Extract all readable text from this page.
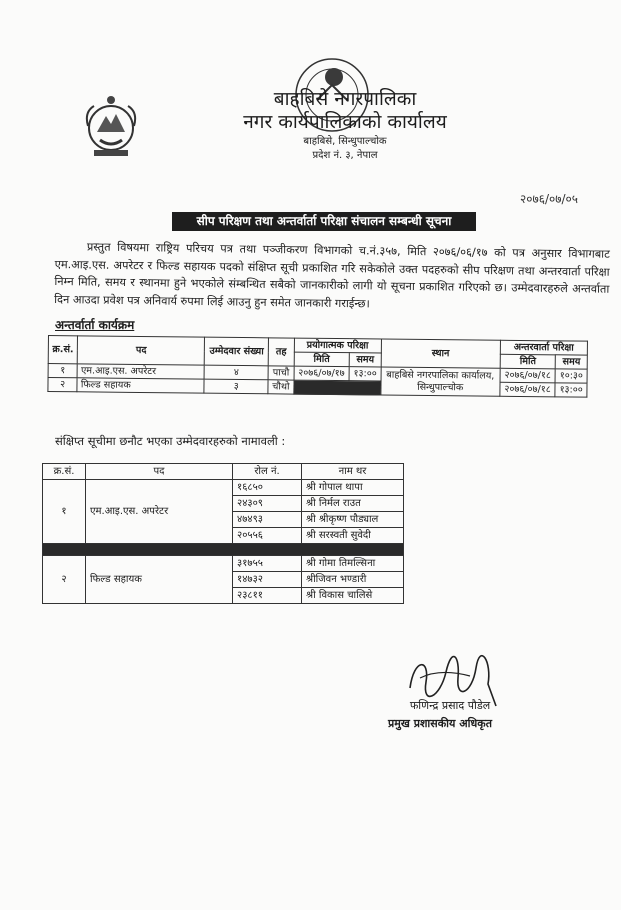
बाहबिसे नगरपालिका
नगर कार्यपालिकाको कार्यालय
बाहबिसे, सिन्धुपाल्चोक
प्रदेश नं. ३, नेपाल
२०७६/०७/०५
सीप परिक्षण तथा अन्तर्वार्ता परिक्षा संचालन सम्बन्धी सूचना
प्रस्तुत विषयमा राष्ट्रिय परिचय पत्र तथा पञ्जीकरण विभागको च.नं.३५७, मिति २०७६/०६/१७ को पत्र अनुसार विभागबाट एम.आइ.एस. अपरेटर र फिल्ड सहायक पदको संक्षिप्त सूची प्रकाशित गरि सकेकोले उक्त पदहरुको सीप परिक्षण तथा अन्तरवार्ता परिक्षा निम्न मिति, समय र स्थानमा हुने भएकोले संम्बन्धित सबैको जानकारीको लागी यो सूचना प्रकाशित गरिएको छ। उम्मेदवारहरुले अन्तर्वाता दिन आउदा प्रवेश पत्र अनिवार्य रुपमा लिई आउनु हुन समेत जानकारी गराईन्छ।
अन्तर्वार्ता कार्यक्रम
क्र.सं.	पद	उम्मेदवार संख्या	तह	प्रयोगात्मक परिक्षा		स्थान	अन्तरवार्ता परिक्षा	
				मिति	समय		मिति	समय
१	एम.आइ.एस. अपरेटर	४	पाचौ	२०७६/०७/१७	१३:००	बाहबिसे नगरपालिका कार्यालय, सिन्धुपाल्चोक	२०७६/०७/१८	१०:३०
२	फिल्ड सहायक	३	चौथो				२०७६/०७/१८	१३:००
संक्षिप्त सूचीमा छनौट भएका उम्मेदवारहरुको नामावली :
क्र.सं.	पद	रोल नं.	नाम थर
१	एम.आइ.एस. अपरेटर	१६८५०	श्री गोपाल थापा
		२४३०९	श्री निर्मल राउत
		४७४९३	श्री श्रीकृष्ण पौड्याल
		२०५५६	श्री सरस्वती सुवेदी

२	फिल्ड सहायक	३१७५५	श्री गोमा तिमल्सिना
		१४७३२	श्रीजिवन भण्डारी
		२३८११	श्री विकास चालिसे
फणिन्द्र प्रसाद पौडेल
प्रमुख प्रशासकीय अधिकृत
